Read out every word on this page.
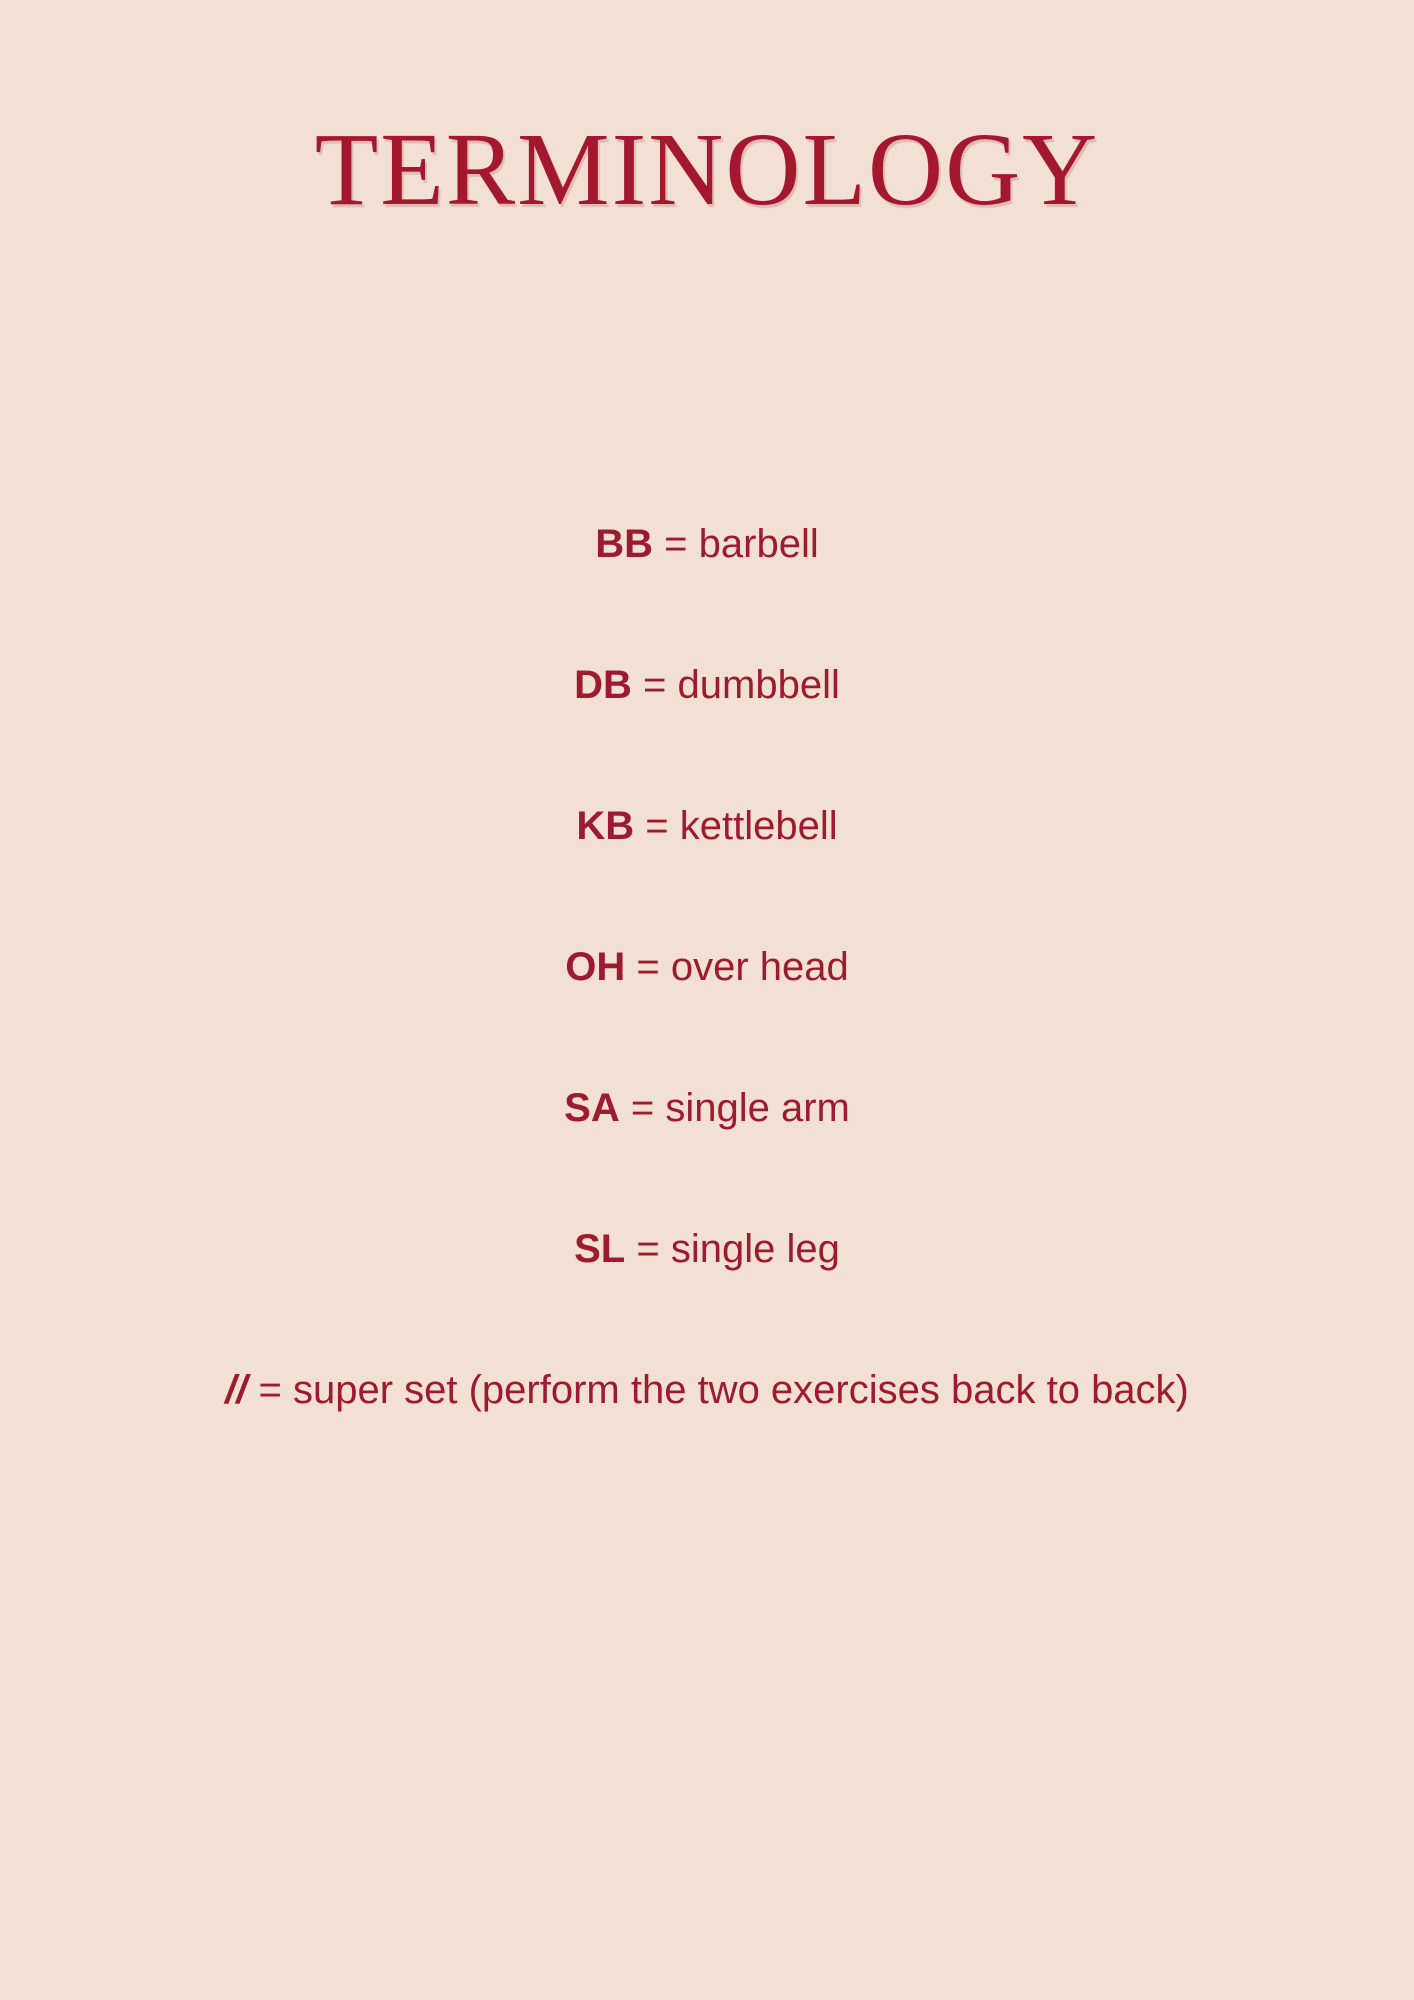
TERMINOLOGY
BB = barbell
DB = dumbbell
KB = kettlebell
OH = over head
SA = single arm
SL = single leg
// = super set (perform the two exercises back to back)
